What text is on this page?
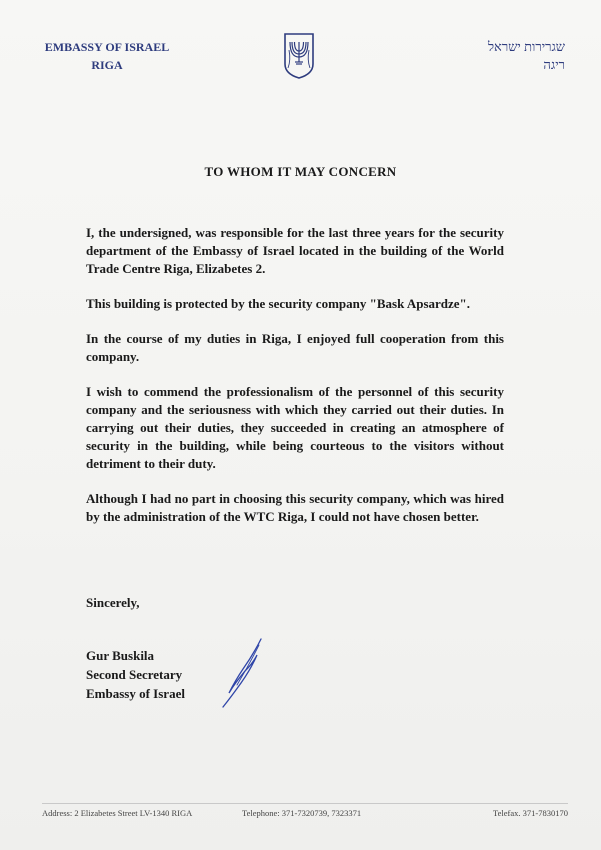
EMBASSY OF ISRAEL
RIGA
שגרירות ישראל
ריגה
TO WHOM IT MAY CONCERN

I, the undersigned, was responsible for the last three years for the security department of the Embassy of Israel located in the building of the World Trade Centre Riga, Elizabetes 2.

This building is protected by the security company "Bask Apsardze".

In the course of my duties in Riga, I enjoyed full cooperation from this company.

I wish to commend the professionalism of the personnel of this security company and the seriousness with which they carried out their duties. In carrying out their duties, they succeeded in creating an atmosphere of security in the building, while being courteous to the visitors without detriment to their duty.

Although I had no part in choosing this security company, which was hired by the administration of the WTC Riga, I could not have chosen better.

Sincerely,
Gur Buskila
Second Secretary
Embassy of Israel
Address: 2 Elizabetes Street LV-1340 RIGA	Telephone: 371-7320739, 7323371	Telefax. 371-7830170
